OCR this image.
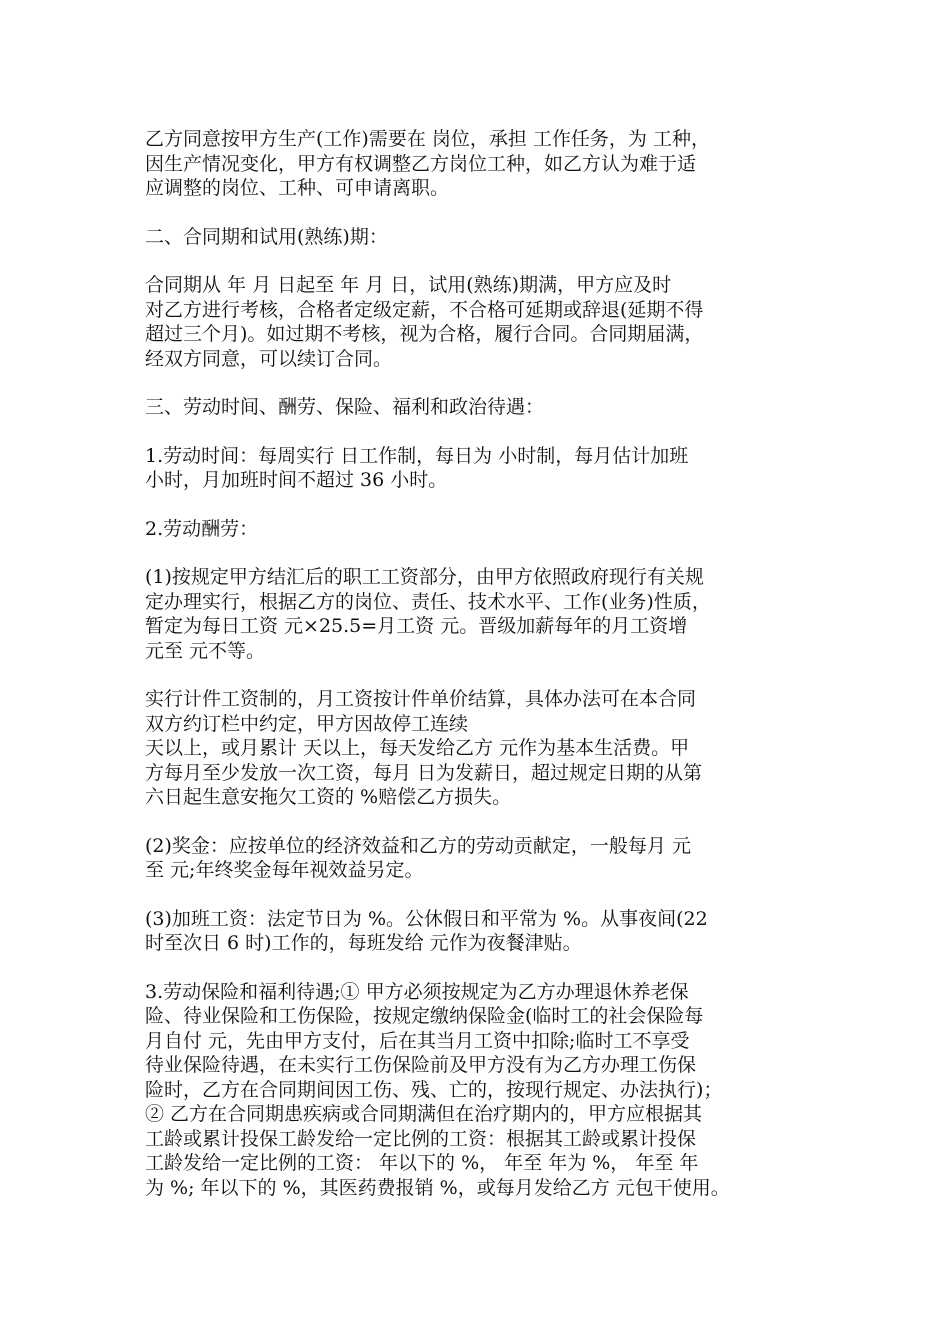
乙方同意按甲方生产(工作)需要在 岗位，承担 工作任务，为 工种，
因生产情况变化，甲方有权调整乙方岗位工种，如乙方认为难于适
应调整的岗位、工种、可申请离职。
二、合同期和试用(熟练)期：
合同期从 年 月 日起至 年 月 日，试用(熟练)期满，甲方应及时
对乙方进行考核，合格者定级定薪，不合格可延期或辞退(延期不得
超过三个月)。如过期不考核，视为合格，履行合同。合同期届满，
经双方同意，可以续订合同。
三、劳动时间、酬劳、保险、福利和政治待遇：
1.劳动时间：每周实行 日工作制，每日为 小时制，每月估计加班
小时，月加班时间不超过 36 小时。
2.劳动酬劳：
(1)按规定甲方结汇后的职工工资部分，由甲方依照政府现行有关规
定办理实行，根据乙方的岗位、责任、技术水平、工作(业务)性质，
暂定为每日工资 元×25.5=月工资 元。晋级加薪每年的月工资增
元至 元不等。
实行计件工资制的，月工资按计件单价结算，具体办法可在本合同
双方约订栏中约定，甲方因故停工连续
天以上，或月累计 天以上，每天发给乙方 元作为基本生活费。甲
方每月至少发放一次工资，每月 日为发薪日，超过规定日期的从第
六日起生意安拖欠工资的 %赔偿乙方损失。
(2)奖金：应按单位的经济效益和乙方的劳动贡献定，一般每月 元
至 元;年终奖金每年视效益另定。
(3)加班工资：法定节日为 %。公休假日和平常为 %。从事夜间(22
时至次日 6 时)工作的，每班发给 元作为夜餐津贴。
3.劳动保险和福利待遇;① 甲方必须按规定为乙方办理退休养老保
险、待业保险和工伤保险，按规定缴纳保险金(临时工的社会保险每
月自付 元，先由甲方支付，后在其当月工资中扣除;临时工不享受
待业保险待遇，在未实行工伤保险前及甲方没有为乙方办理工伤保
险时，乙方在合同期间因工伤、残、亡的，按现行规定、办法执行)；
② 乙方在合同期患疾病或合同期满但在治疗期内的，甲方应根据其
工龄或累计投保工龄发给一定比例的工资：根据其工龄或累计投保
工龄发给一定比例的工资： 年以下的 %， 年至 年为 %， 年至 年
为 %; 年以下的 %，其医药费报销 %，或每月发给乙方 元包干使用。
